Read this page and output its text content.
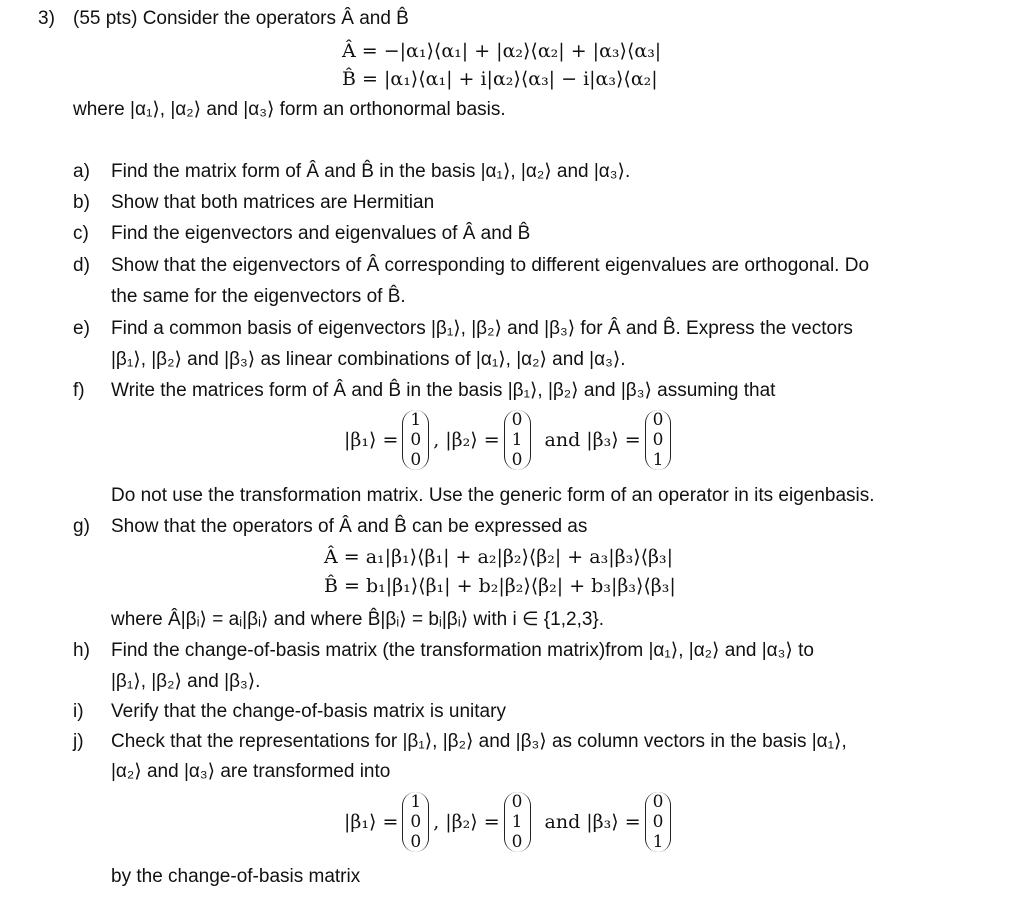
3) (55 pts) Consider the operators Â and B̂
Â = −|α₁⟩⟨α₁| + |α₂⟩⟨α₂| + |α₃⟩⟨α₃|
B̂ = |α₁⟩⟨α₁| + i|α₂⟩⟨α₃| − i|α₃⟩⟨α₂|
where |α₁⟩, |α₂⟩ and |α₃⟩ form an orthonormal basis.
a) Find the matrix form of Â and B̂ in the basis |α₁⟩, |α₂⟩ and |α₃⟩.
b) Show that both matrices are Hermitian
c) Find the eigenvectors and eigenvalues of Â and B̂
d) Show that the eigenvectors of Â corresponding to different eigenvalues are orthogonal. Do
the same for the eigenvectors of B̂.
e) Find a common basis of eigenvectors |β₁⟩, |β₂⟩ and |β₃⟩ for Â and B̂. Express the vectors
|β₁⟩, |β₂⟩ and |β₃⟩ as linear combinations of |α₁⟩, |α₂⟩ and |α₃⟩.
f) Write the matrices form of Â and B̂ in the basis |β₁⟩, |β₂⟩ and |β₃⟩ assuming that
|β₁⟩ =
1
0
0
, |β₂⟩ =
0
1
0
and |β₃⟩ =
0
0
1
Do not use the transformation matrix. Use the generic form of an operator in its eigenbasis.
g) Show that the operators of Â and B̂ can be expressed as
Â = a₁|β₁⟩⟨β₁| + a₂|β₂⟩⟨β₂| + a₃|β₃⟩⟨β₃|
B̂ = b₁|β₁⟩⟨β₁| + b₂|β₂⟩⟨β₂| + b₃|β₃⟩⟨β₃|
where Â|βᵢ⟩ = aᵢ|βᵢ⟩ and where B̂|βᵢ⟩ = bᵢ|βᵢ⟩ with i ∈ {1,2,3}.
h) Find the change-of-basis matrix (the transformation matrix)from |α₁⟩, |α₂⟩ and |α₃⟩ to
|β₁⟩, |β₂⟩ and |β₃⟩.
i) Verify that the change-of-basis matrix is unitary
j) Check that the representations for |β₁⟩, |β₂⟩ and |β₃⟩ as column vectors in the basis |α₁⟩,
|α₂⟩ and |α₃⟩ are transformed into
|β₁⟩ =
1
0
0
, |β₂⟩ =
0
1
0
and |β₃⟩ =
0
0
1
by the change-of-basis matrix
